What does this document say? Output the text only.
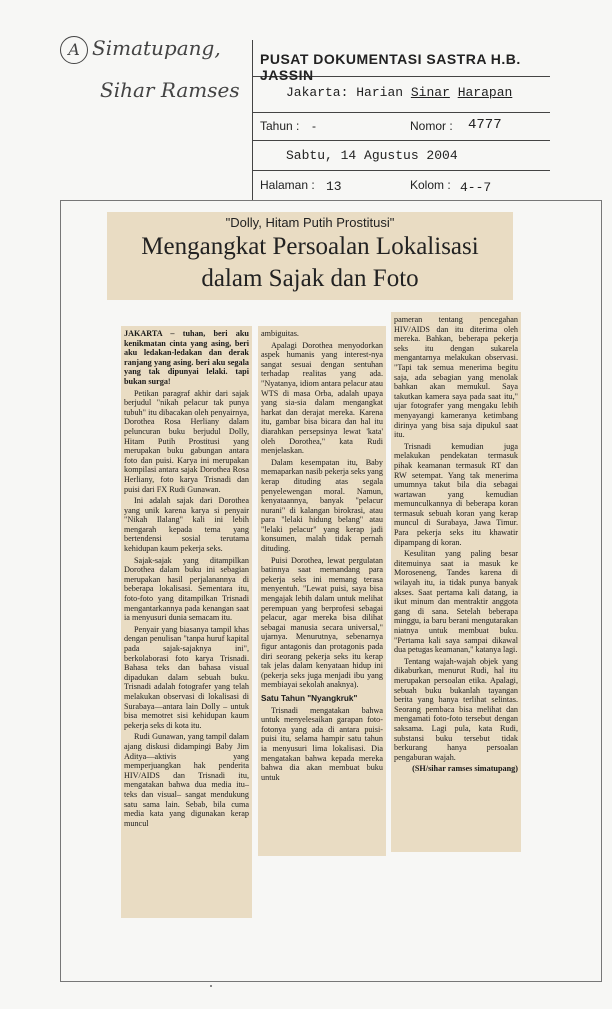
A Simatupang,
Sihar Ramses
PUSAT DOKUMENTASI SASTRA H.B. JASSIN
Jakarta: Harian Sinar Harapan
Tahun : -	Nomor : 4777
Sabtu, 14 Agustus 2004
Halaman : 13	Kolom : 4--7
"Dolly, Hitam Putih Prostitusi"
Mengangkat Persoalan Lokalisasi
dalam Sajak dan Foto

JAKARTA – tuhan, beri aku kenikmatan cinta yang asing, beri aku ledakan-ledakan dan derak ranjang yang asing. beri aku segala yang tak dipunyai lelaki. tapi bukan surga!

Petikan paragraf akhir dari sajak berjudul "nikah pelacur tak punya tubuh" itu dibacakan oleh penyairnya, Dorothea Rosa Herliany dalam peluncuran buku berjudul Dolly, Hitam Putih Prostitusi yang merupakan buku gabungan antara foto dan puisi. Karya ini merupakan kompilasi antara sajak Dorothea Rosa Herliany, foto karya Trisnadi dan puisi dari FX Rudi Gunawan.

Ini adalah sajak dari Dorothea yang unik karena karya si penyair "Nikah Ilalang" kali ini lebih mengarah kepada tema yang bertendensi sosial terutama kehidupan kaum pekerja seks.

Sajak-sajak yang ditampilkan Dorothea dalam buku ini sebagian merupakan hasil perjalanannya di beberapa lokalisasi. Sementara itu, foto-foto yang ditampilkan Trisnadi mengantarkannya pada kenangan saat ia menyusuri dunia semacam itu.

Penyair yang biasanya tampil khas dengan penulisan "tanpa huruf kapital pada sajak-sajaknya ini", berkolaborasi foto karya Trisnadi. Bahasa teks dan bahasa visual dipadukan dalam sebuah buku. Trisnadi adalah fotografer yang telah melakukan observasi di lokalisasi di Surabaya—antara lain Dolly – untuk bisa memotret sisi kehidupan kaum pekerja seks di kota itu.

Rudi Gunawan, yang tampil dalam ajang diskusi didampingi Baby Jim Aditya—aktivis yang memperjuangkan hak penderita HIV/AIDS dan Trisnadi itu, mengatakan bahwa dua media itu– teks dan visual– sangat mendukung satu sama lain. Sebab, bila cuma media kata yang digunakan kerap muncul

ambiguitas.

Apalagi Dorothea menyodorkan aspek humanis yang interest-nya sangat sesuai dengan sentuhan terhadap realitas yang ada. "Nyatanya, idiom antara pelacur atau WTS di masa Orba, adalah upaya yang sia-sia dalam mengangkat harkat dan derajat mereka. Karena itu, gambar bisa bicara dan hal itu diarahkan persepsinya lewat 'kata' oleh Dorothea," kata Rudi menjelaskan.

Dalam kesempatan itu, Baby memaparkan nasib pekerja seks yang kerap dituding atas segala penyelewengan moral. Namun, kenyataannya, banyak "pelacur nurani" di kalangan birokrasi, atau para "lelaki hidung belang" atau "lelaki pelacur" yang kerap jadi konsumen, malah tidak pernah dituding.

Puisi Dorothea, lewat pergulatan batinnya saat memandang para pekerja seks ini memang terasa menyentuh. "Lewat puisi, saya bisa mengajak lebih dalam untuk melihat perempuan yang berprofesi sebagai pelacur, agar mereka bisa dilihat sebagai manusia secara universal," ujarnya. Menurutnya, sebenarnya figur antagonis dan protagonis pada diri seorang pekerja seks itu kerap tak jelas dalam kenyataan hidup ini (pekerja seks juga menjadi ibu yang membiayai sekolah anaknya).

Satu Tahun "Nyangkruk"

Trisnadi mengatakan bahwa untuk menyelesaikan garapan foto-fotonya yang ada di antara puisi-puisi itu, selama hampir satu tahun ia menyusuri lima lokalisasi. Dia mengatakan bahwa kepada mereka bahwa dia akan membuat buku untuk

pameran tentang pencegahan HIV/AIDS dan itu diterima oleh mereka. Bahkan, beberapa pekerja seks itu dengan sukarela mengantarnya melakukan observasi. "Tapi tak semua menerima begitu saja, ada sebagian yang menolak bahkan akan memukul. Saya takutkan kamera saya pada saat itu," ujar fotografer yang mengaku lebih menyayangi kameranya ketimbang dirinya yang bisa saja dipukul saat itu.

Trisnadi kemudian juga melakukan pendekatan termasuk pihak keamanan termasuk RT dan RW setempat. Yang tak menerima umumnya takut bila dia sebagai wartawan yang kemudian memunculkannya di beberapa koran termasuk sebuah koran yang kerap muncul di Surabaya, Jawa Timur. Para pekerja seks itu khawatir dipampang di koran.

Kesulitan yang paling besar ditemuinya saat ia masuk ke Moroseneng, Tandes karena di wilayah itu, ia tidak punya banyak akses. Saat pertama kali datang, ia ikut minum dan mentraktir anggota gang di sana. Setelah beberapa minggu, ia baru berani mengutarakan niatnya untuk membuat buku. "Pertama kali saya sampai dikawal dua petugas keamanan," katanya lagi.

Tentang wajah-wajah objek yang dikaburkan, menurut Rudi, hal itu merupakan persoalan etika. Apalagi, sebuah buku bukanlah tayangan berita yang hanya terlihat selintas. Seorang pembaca bisa melihat dan mengamati foto-foto tersebut dengan saksama. Lagi pula, kata Rudi, substansi buku tersebut tidak berkurang hanya persoalan pengaburan wajah.

(SH/sihar ramses simatupang)
